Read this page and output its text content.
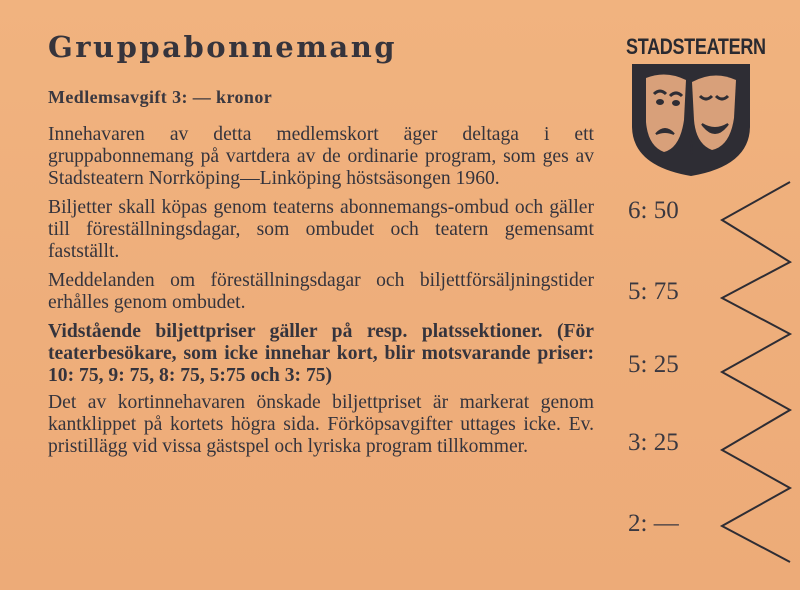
Gruppabonnemang
Medlemsavgift 3: — kronor

Innehavaren av detta medlemskort äger deltaga i ett gruppabonnemang på vartdera av de ordinarie program, som ges av Stadsteatern Norrköping—Linköping höstsäsongen 1960.

Biljetter skall köpas genom teaterns abonnemangs-ombud och gäller till föreställningsdagar, som ombudet och teatern gemensamt fastställt.

Meddelanden om föreställningsdagar och biljettförsäljningstider erhålles genom ombudet.

Vidstående biljettpriser gäller på resp. platssektioner. (För teaterbesökare, som icke innehar kort, blir motsvarande priser: 10: 75, 9: 75, 8: 75, 5:75 och 3: 75)

Det av kortinnehavaren önskade biljettpriset är markerat genom kantklippet på kortets högra sida. Förköpsavgifter uttages icke. Ev. pristillägg vid vissa gästspel och lyriska program tillkommer.

STADSTEATERN
6: 50
5: 75
5: 25
3: 25
2: —
